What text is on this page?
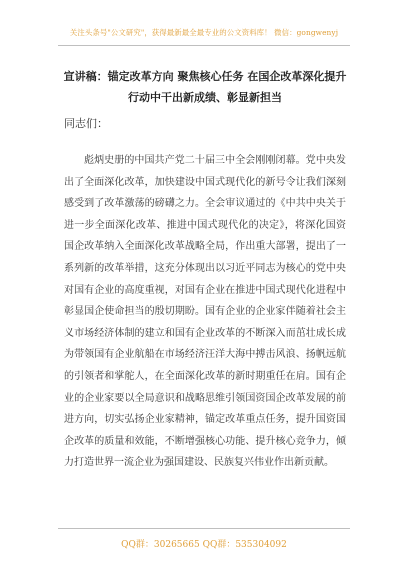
关注头条号"公文研究"，获得最新最全最专业的公文资料库！ 微信：gongwenyj
宣讲稿：锚定改革方向 聚焦核心任务 在国企改革深化提升行动中干出新成绩、彰显新担当
同志们：

彪炳史册的中国共产党二十届三中全会刚刚闭幕。党中央发出了全面深化改革，加快建设中国式现代化的新号令让我们深刻感受到了改革激荡的磅礴之力。全会审议通过的《中共中央关于进一步全面深化改革、推进中国式现代化的决定》，将深化国资国企改革纳入全面深化改革战略全局，作出重大部署，提出了一系列新的改革举措，这充分体现出以习近平同志为核心的党中央对国有企业的高度重视，对国有企业在推进中国式现代化进程中彰显国企使命担当的殷切期盼。国有企业的企业家伴随着社会主义市场经济体制的建立和国有企业改革的不断深入而茁壮成长成为带领国有企业航船在市场经济汪洋大海中搏击风浪、扬帆远航的引领者和掌舵人，在全面深化改革的新时期重任在肩。国有企业的企业家要以全局意识和战略思维引领国资国企改革发展的前进方向，切实弘扬企业家精神，锚定改革重点任务，提升国资国企改革的质量和效能，不断增强核心功能、提升核心竞争力，倾力打造世界一流企业为强国建设、民族复兴伟业作出新贡献。

QQ群：30265665 QQ群：535304092
